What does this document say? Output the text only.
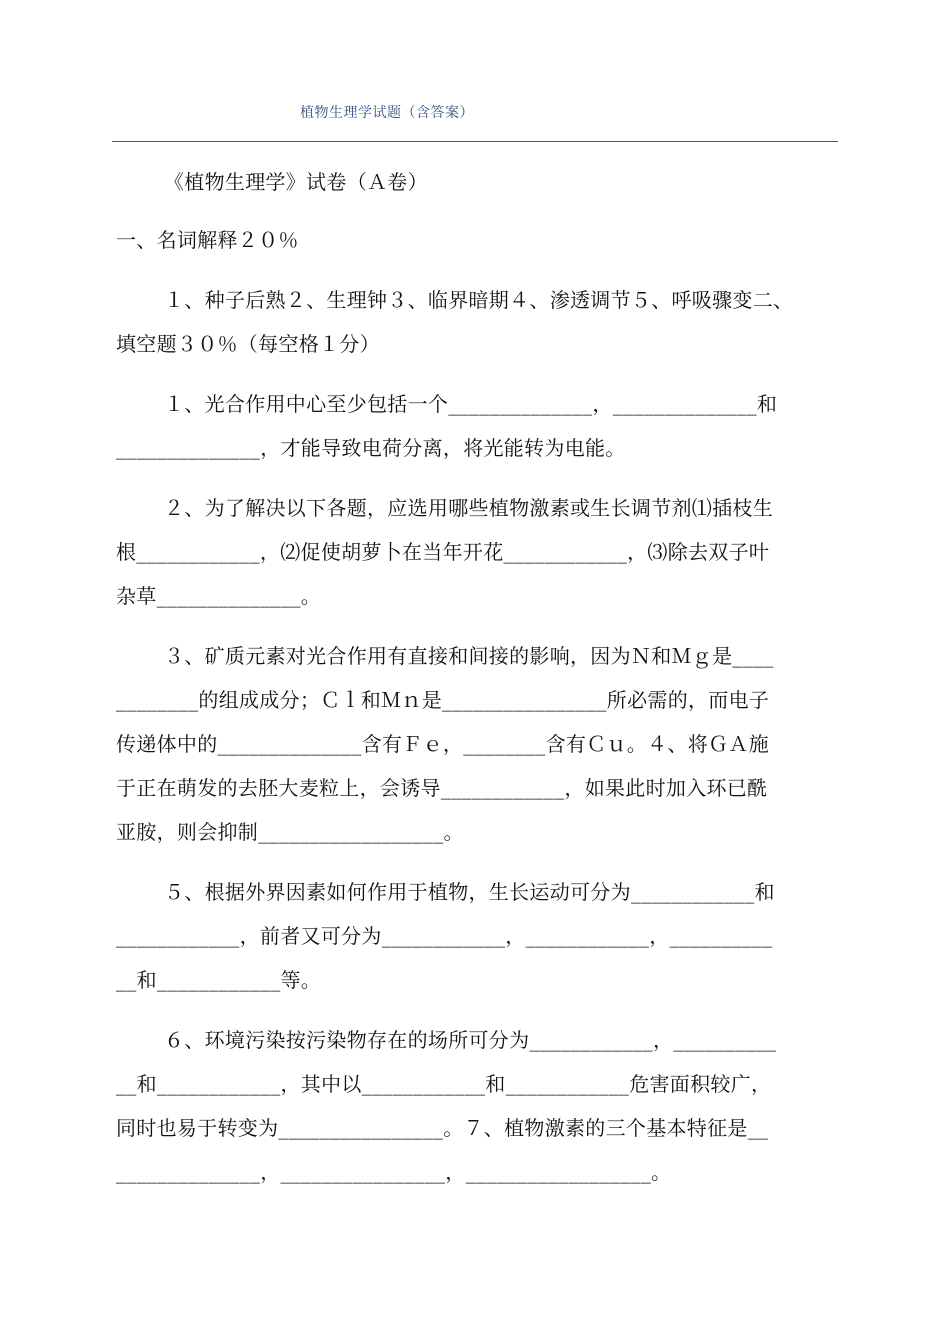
植物生理学试题（含答案）
《植物生理学》试卷（Ａ卷）
一、名词解释２０％
１、种子后熟２、生理钟３、临界暗期４、渗透调节５、呼吸骤变二、
填空题３０％（每空格１分）
１、光合作用中心至少包括一个______________，______________和
______________，才能导致电荷分离，将光能转为电能。
２、为了解决以下各题，应选用哪些植物激素或生长调节剂⑴插枝生
根____________，⑵促使胡萝卜在当年开花____________，⑶除去双子叶
杂草______________。
３、矿质元素对光合作用有直接和间接的影响，因为Ｎ和Ｍｇ是____
________的组成成分；Ｃｌ和Ｍｎ是________________所必需的，而电子
传递体中的______________含有Ｆｅ，________含有Ｃｕ。４、将ＧＡ施
于正在萌发的去胚大麦粒上，会诱导____________，如果此时加入环已酰
亚胺，则会抑制__________________。
５、根据外界因素如何作用于植物，生长运动可分为____________和
____________，前者又可分为____________，____________，__________
__和____________等。
６、环境污染按污染物存在的场所可分为____________，__________
__和____________，其中以____________和____________危害面积较广，
同时也易于转变为________________。７、植物激素的三个基本特征是__
______________，________________，__________________。
